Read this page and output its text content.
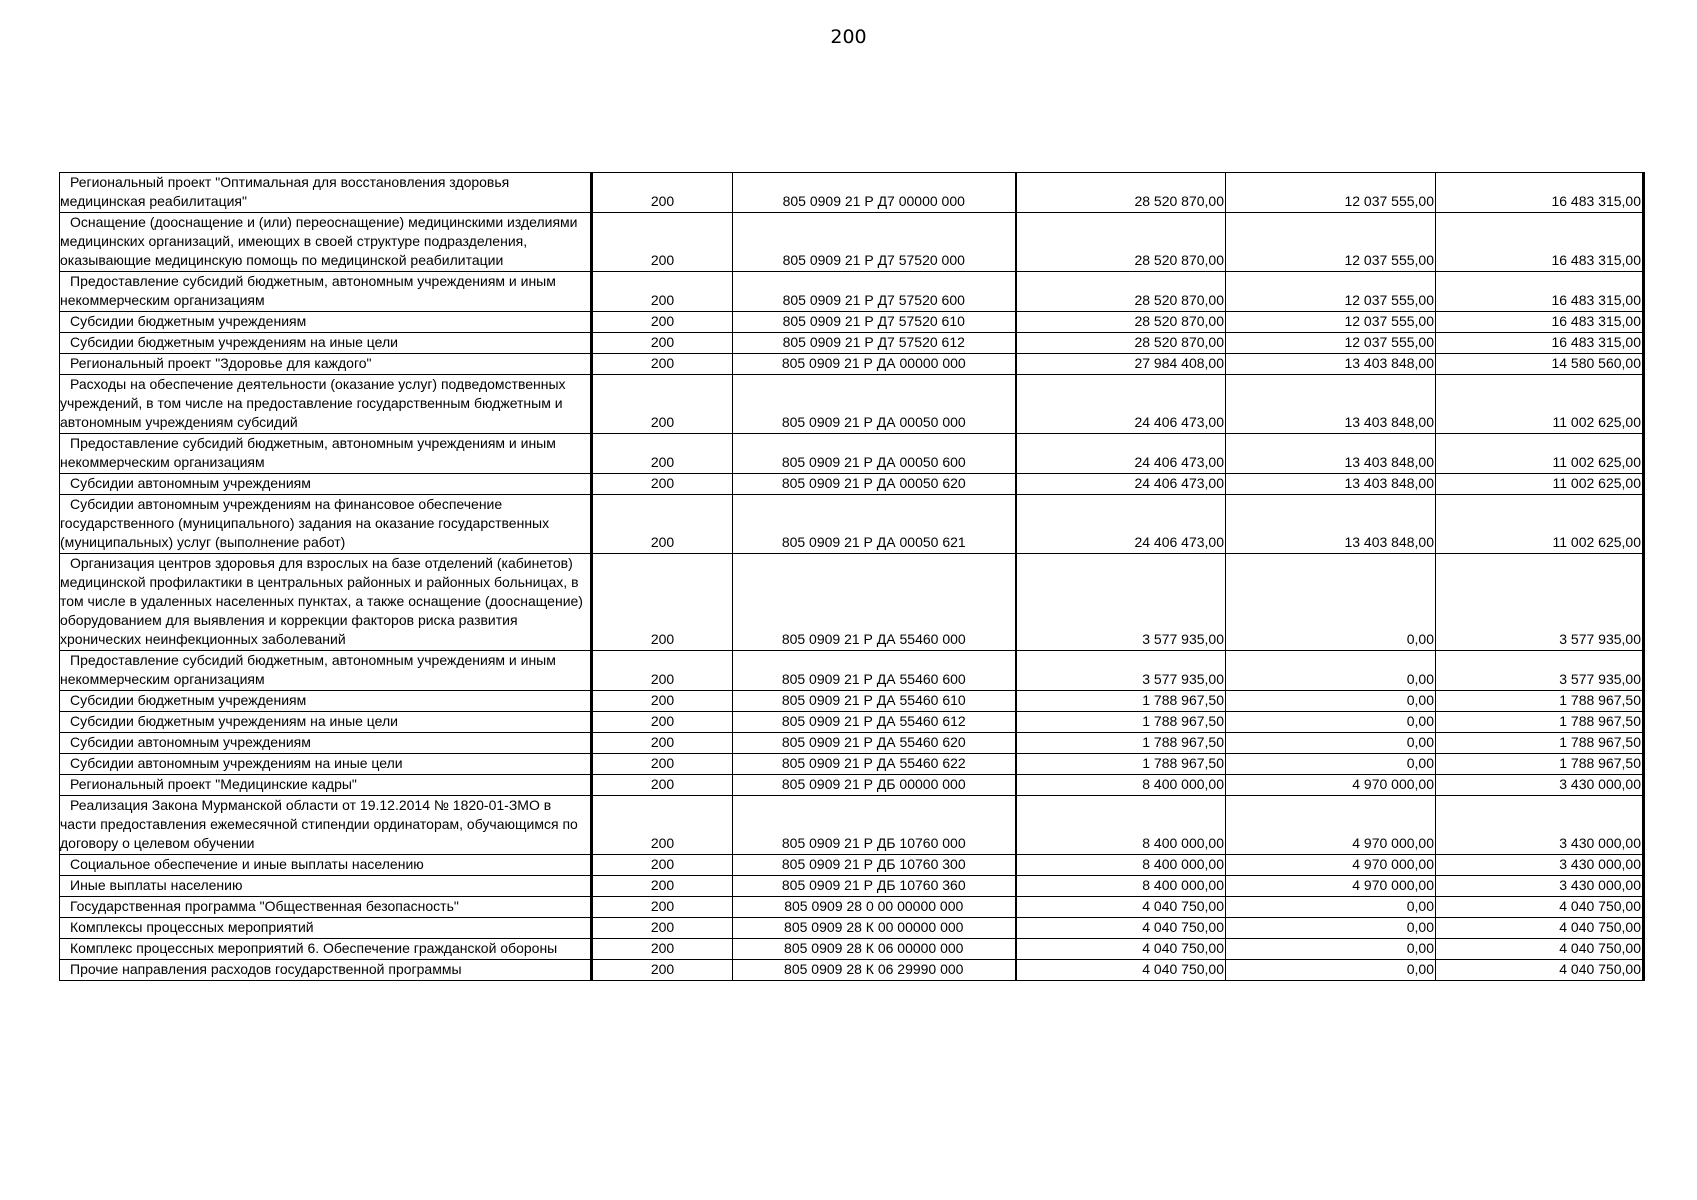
200
Региональный проект "Оптимальная для восстановления здоровья медицинская реабилитация"	200	805 0909 21 Р Д7 00000 000	28 520 870,00	12 037 555,00	16 483 315,00
Оснащение (дооснащение и (или) переоснащение) медицинскими изделиями медицинских организаций, имеющих в своей структуре подразделения, оказывающие медицинскую помощь по медицинской реабилитации	200	805 0909 21 Р Д7 57520 000	28 520 870,00	12 037 555,00	16 483 315,00
Предоставление субсидий бюджетным, автономным учреждениям и иным некоммерческим организациям	200	805 0909 21 Р Д7 57520 600	28 520 870,00	12 037 555,00	16 483 315,00
Субсидии бюджетным учреждениям	200	805 0909 21 Р Д7 57520 610	28 520 870,00	12 037 555,00	16 483 315,00
Субсидии бюджетным учреждениям на иные цели	200	805 0909 21 Р Д7 57520 612	28 520 870,00	12 037 555,00	16 483 315,00
Региональный проект "Здоровье для каждого"	200	805 0909 21 Р ДА 00000 000	27 984 408,00	13 403 848,00	14 580 560,00
Расходы на обеспечение деятельности (оказание услуг) подведомственных учреждений, в том числе на предоставление государственным бюджетным и автономным учреждениям субсидий	200	805 0909 21 Р ДА 00050 000	24 406 473,00	13 403 848,00	11 002 625,00
Предоставление субсидий бюджетным, автономным учреждениям и иным некоммерческим организациям	200	805 0909 21 Р ДА 00050 600	24 406 473,00	13 403 848,00	11 002 625,00
Субсидии автономным учреждениям	200	805 0909 21 Р ДА 00050 620	24 406 473,00	13 403 848,00	11 002 625,00
Субсидии автономным учреждениям на финансовое обеспечение государственного (муниципального) задания на оказание государственных (муниципальных) услуг (выполнение работ)	200	805 0909 21 Р ДА 00050 621	24 406 473,00	13 403 848,00	11 002 625,00
Организация центров здоровья для взрослых на базе отделений (кабинетов) медицинской профилактики в центральных районных и районных больницах, в том числе в удаленных населенных пунктах, а также оснащение (дооснащение) оборудованием для выявления и коррекции факторов риска развития хронических неинфекционных заболеваний	200	805 0909 21 Р ДА 55460 000	3 577 935,00	0,00	3 577 935,00
Предоставление субсидий бюджетным, автономным учреждениям и иным некоммерческим организациям	200	805 0909 21 Р ДА 55460 600	3 577 935,00	0,00	3 577 935,00
Субсидии бюджетным учреждениям	200	805 0909 21 Р ДА 55460 610	1 788 967,50	0,00	1 788 967,50
Субсидии бюджетным учреждениям на иные цели	200	805 0909 21 Р ДА 55460 612	1 788 967,50	0,00	1 788 967,50
Субсидии автономным учреждениям	200	805 0909 21 Р ДА 55460 620	1 788 967,50	0,00	1 788 967,50
Субсидии автономным учреждениям на иные цели	200	805 0909 21 Р ДА 55460 622	1 788 967,50	0,00	1 788 967,50
Региональный проект "Медицинские кадры"	200	805 0909 21 Р ДБ 00000 000	8 400 000,00	4 970 000,00	3 430 000,00
Реализация Закона Мурманской области от 19.12.2014 № 1820-01-ЗМО в части предоставления ежемесячной стипендии ординаторам, обучающимся по договору о целевом обучении	200	805 0909 21 Р ДБ 10760 000	8 400 000,00	4 970 000,00	3 430 000,00
Социальное обеспечение и иные выплаты населению	200	805 0909 21 Р ДБ 10760 300	8 400 000,00	4 970 000,00	3 430 000,00
Иные выплаты населению	200	805 0909 21 Р ДБ 10760 360	8 400 000,00	4 970 000,00	3 430 000,00
Государственная программа "Общественная безопасность"	200	805 0909 28 0 00 00000 000	4 040 750,00	0,00	4 040 750,00
Комплексы процессных мероприятий	200	805 0909 28 К 00 00000 000	4 040 750,00	0,00	4 040 750,00
Комплекс процессных мероприятий 6. Обеспечение гражданской обороны	200	805 0909 28 К 06 00000 000	4 040 750,00	0,00	4 040 750,00
Прочие направления расходов государственной программы	200	805 0909 28 К 06 29990 000	4 040 750,00	0,00	4 040 750,00
